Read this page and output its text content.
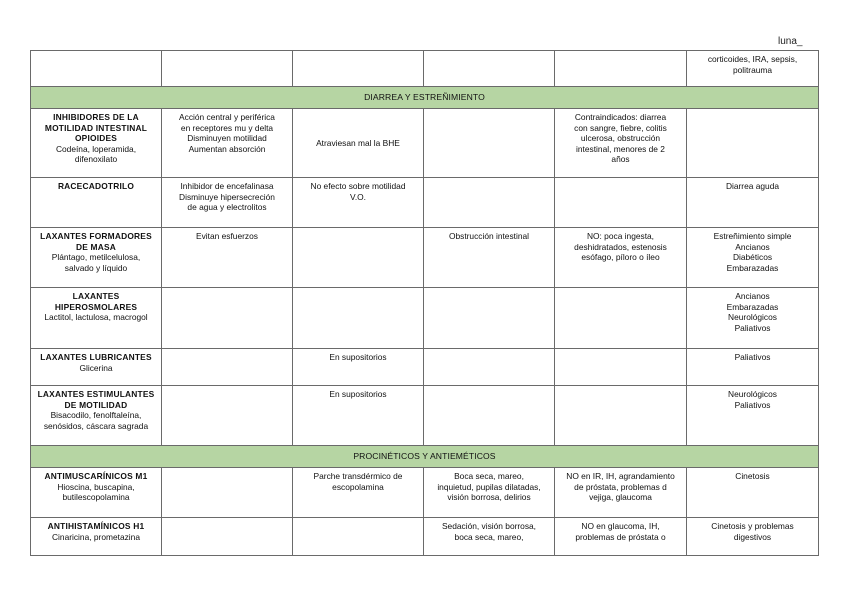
luna_
					corticoides, IRA, sepsis, politrauma
DIARREA Y ESTREÑIMIENTO					

INHIBIDORES DE LA
MOTILIDAD INTESTINAL
OPIOIDES
Codeína, loperamida,
difenoxilato	Acción central y periférica
en receptores mu y delta
Disminuyen motilidad
Aumentan absorción	Atraviesan mal la BHE		Contraindicados: diarrea
con sangre, fiebre, colitis
ulcerosa, obstrucción
intestinal, menores de 2
años	

RACECADOTRILO	Inhibidor de encefalinasa
Disminuye hipersecreción
de agua y electrolitos	No efecto sobre motilidad
V.O.			Diarrea aguda

LAXANTES FORMADORES
DE MASA
Plántago, metilcelulosa,
salvado y líquido	Evitan esfuerzos		Obstrucción intestinal	NO: poca ingesta,
deshidratados, estenosis
esófago, píloro o íleo	Estreñimiento simple
Ancianos
Diabéticos
Embarazadas

LAXANTES
HIPEROSMOLARES
Lactitol, lactulosa, macrogol					Ancianos
Embarazadas
Neurológicos
Paliativos

LAXANTES LUBRICANTES
Glicerina		En supositorios			Paliativos

LAXANTES ESTIMULANTES
DE MOTILIDAD
Bisacodilo, fenolftaleína,
senósidos, cáscara sagrada		En supositorios			Neurológicos
Paliativos

PROCINÉTICOS Y ANTIEMÉTICOS					

ANTIMUSCARÍNICOS M1
Hioscina, buscapina,
butilescopolamina		Parche transdérmico de
escopolamina	Boca seca, mareo,
inquietud, pupilas dilatadas,
visión borrosa, delirios	NO en IR, IH, agrandamiento
de próstata, problemas d
vejiga, glaucoma	Cinetosis

ANTIHISTAMÍNICOS H1
Cinaricina, prometazina			Sedación, visión borrosa,
boca seca, mareo,	NO en glaucoma, IH,
problemas de próstata o	Cinetosis y problemas
digestivos
